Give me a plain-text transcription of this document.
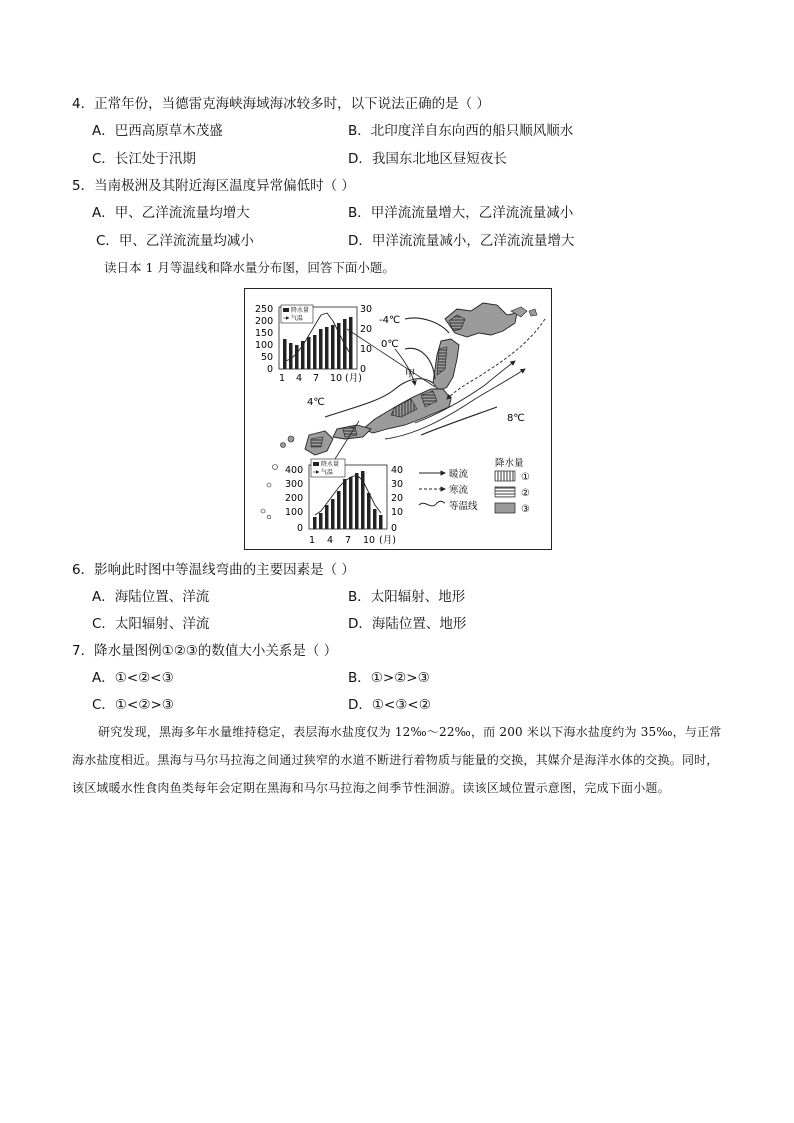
4．正常年份，当德雷克海峡海域海冰较多时，以下说法正确的是（ ）
A．巴西高原草木茂盛	B．北印度洋自东向西的船只顺风顺水
C．长江处于汛期	D．我国东北地区昼短夜长
5．当南极洲及其附近海区温度异常偏低时（ ）
A．甲、乙洋流流量均增大	B．甲洋流流量增大，乙洋流流量减小
C．甲、乙洋流流量均减小	D．甲洋流流量减小，乙洋流流量增大
读日本 1 月等温线和降水量分布图，回答下面小题。
降水量
气温
250
200
150
100
50
0
30
20
10
0
1 4 7 10 (月)
-4℃
0℃
4℃
8℃
甲
降水量
气温
400
300
200
100
0
40
30
20
10
0
1 4 7 10 (月)
暖流
寒流
等温线
降水量
①
②
③
6．影响此时图中等温线弯曲的主要因素是（ ）
A．海陆位置、洋流	B．太阳辐射、地形
C．太阳辐射、洋流	D．海陆位置、地形
7．降水量图例①②③的数值大小关系是（ ）
A．①<②<③	B．①>②>③
C．①<②>③	D．①<③<②
研究发现，黑海多年水量维持稳定，表层海水盐度仅为 12‰～22‰，而 200 米以下海水盐度约为 35‰，与正常海水盐度相近。黑海与马尔马拉海之间通过狭窄的水道不断进行着物质与能量的交换，其媒介是海洋水体的交换。同时，该区域暖水性食肉鱼类每年会定期在黑海和马尔马拉海之间季节性洄游。读该区域位置示意图，完成下面小题。
